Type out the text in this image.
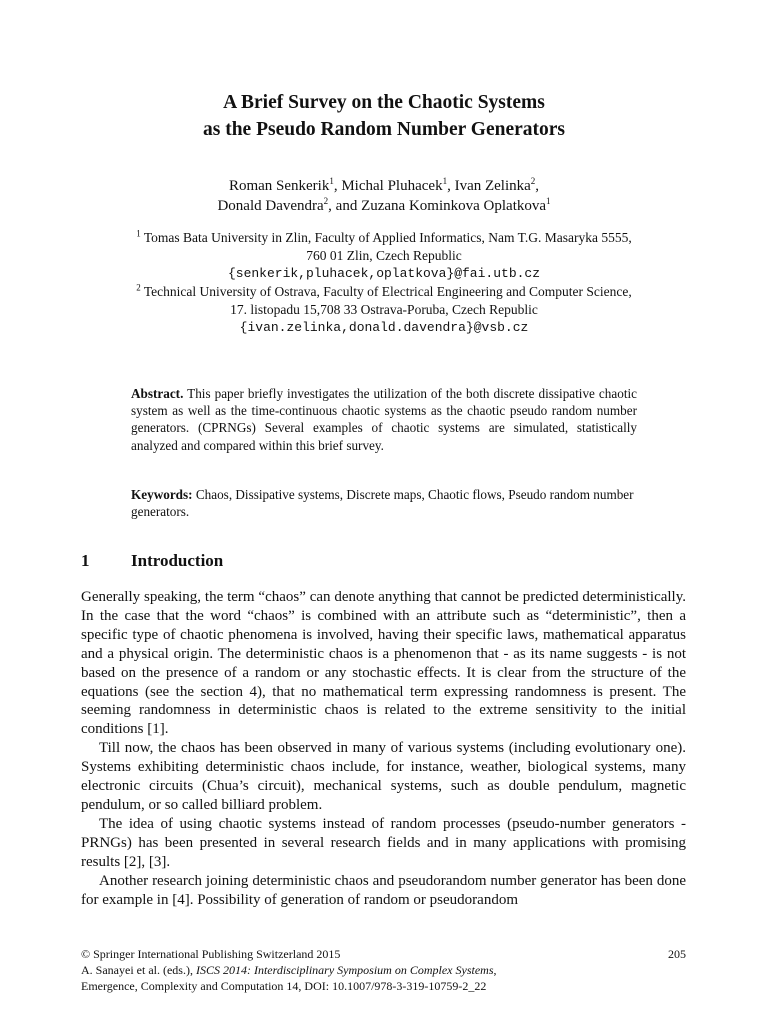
A Brief Survey on the Chaotic Systems
as the Pseudo Random Number Generators
Roman Senkerik$^1$, Michal Pluhacek$^1$, Ivan Zelinka$^2$,
Donald Davendra$^2$, and Zuzana Kominkova Oplatkova$^1$
$^1$ Tomas Bata University in Zlin, Faculty of Applied Informatics, Nam T.G. Masaryka 5555,
760 01 Zlin, Czech Republic
{senkerik,pluhacek,oplatkova}@fai.utb.cz
$^2$ Technical University of Ostrava, Faculty of Electrical Engineering and Computer Science,
17. listopadu 15,708 33 Ostrava-Poruba, Czech Republic
{ivan.zelinka,donald.davendra}@vsb.cz
Abstract. This paper briefly investigates the utilization of the both discrete dissipative chaotic system as well as the time-continuous chaotic systems as the chaotic pseudo random number generators. (CPRNGs) Several examples of chaotic systems are simulated, statistically analyzed and compared within this brief survey.
Keywords: Chaos, Dissipative systems, Discrete maps, Chaotic flows, Pseudo random number generators.
1 Introduction

Generally speaking, the term “chaos” can denote anything that cannot be predicted deterministically. In the case that the word “chaos” is combined with an attribute such as “deterministic”, then a specific type of chaotic phenomena is involved, having their specific laws, mathematical apparatus and a physical origin. The deterministic chaos is a phenomenon that - as its name suggests - is not based on the presence of a random or any stochastic effects. It is clear from the structure of the equations (see the section 4), that no mathematical term expressing randomness is present. The seeming randomness in deterministic chaos is related to the extreme sensitivity to the initial conditions [1].

Till now, the chaos has been observed in many of various systems (including evolutionary one). Systems exhibiting deterministic chaos include, for instance, weather, biological systems, many electronic circuits (Chua’s circuit), mechanical systems, such as double pendulum, magnetic pendulum, or so called billiard problem.

The idea of using chaotic systems instead of random processes (pseudo-number generators - PRNGs) has been presented in several research fields and in many applications with promising results [2], [3].

Another research joining deterministic chaos and pseudorandom number generator has been done for example in [4]. Possibility of generation of random or pseudorandom

© Springer International Publishing Switzerland 2015	205
A. Sanayei et al. (eds.), ISCS 2014: Interdisciplinary Symposium on Complex Systems,
Emergence, Complexity and Computation 14, DOI: 10.1007/978-3-319-10759-2_22
